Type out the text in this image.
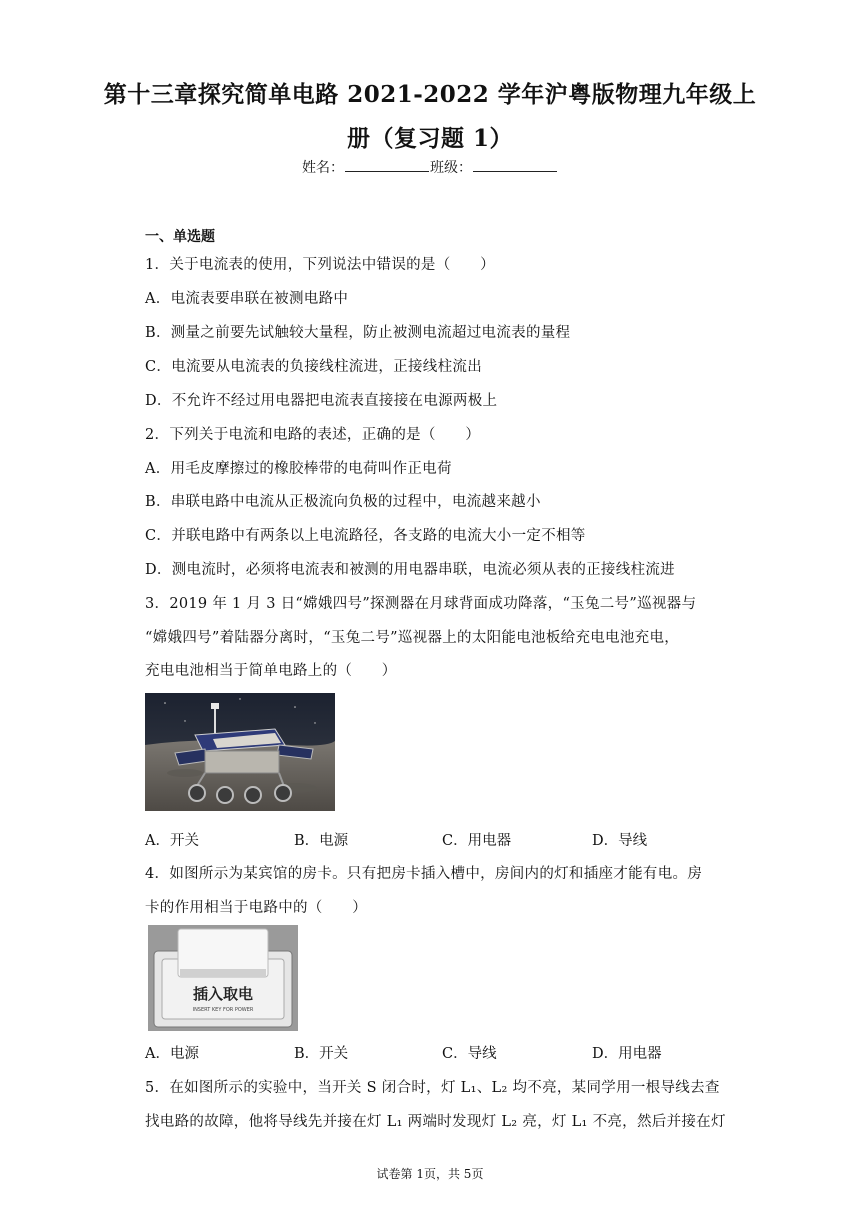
第十三章探究简单电路 2021-2022 学年沪粤版物理九年级上
册（复习题 1）
姓名：	班级：
一、单选题
1．关于电流表的使用，下列说法中错误的是（　　）
A．电流表要串联在被测电路中
B．测量之前要先试触较大量程，防止被测电流超过电流表的量程
C．电流要从电流表的负接线柱流进，正接线柱流出
D．不允许不经过用电器把电流表直接接在电源两极上
2．下列关于电流和电路的表述，正确的是（　　）
A．用毛皮摩擦过的橡胶棒带的电荷叫作正电荷
B．串联电路中电流从正极流向负极的过程中，电流越来越小
C．并联电路中有两条以上电流路径，各支路的电流大小一定不相等
D．测电流时，必须将电流表和被测的用电器串联，电流必须从表的正接线柱流进
3．2019 年 1 月 3 日“嫦娥四号”探测器在月球背面成功降落，“玉兔二号”巡视器与
“嫦娥四号”着陆器分离时，“玉兔二号”巡视器上的太阳能电池板给充电电池充电，
充电电池相当于简单电路上的（　　）
A．开关	B．电源	C．用电器	D．导线
4．如图所示为某宾馆的房卡。只有把房卡插入槽中，房间内的灯和插座才能有电。房
卡的作用相当于电路中的（　　）
插入取电
INSERT KEY FOR POWER
A．电源	B．开关	C．导线	D．用电器
5．在如图所示的实验中，当开关 S 闭合时，灯 L₁、L₂ 均不亮，某同学用一根导线去查
找电路的故障，他将导线先并接在灯 L₁ 两端时发现灯 L₂ 亮，灯 L₁ 不亮，然后并接在灯
试卷第 1页，共 5页
